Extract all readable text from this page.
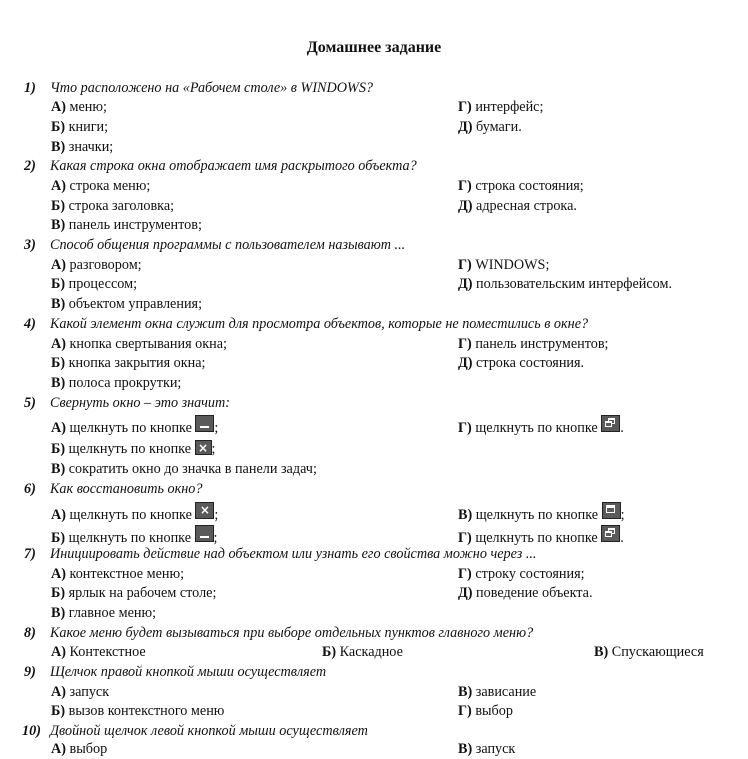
Домашнее задание
1) Что расположено на «Рабочем столе» в WINDOWS?
А) меню;	Г) интерфейс;
Б) книги;	Д) бумаги.
В) значки;
2) Какая строка окна отображает имя раскрытого объекта?
А) строка меню;	Г) строка состояния;
Б) строка заголовка;	Д) адресная строка.
В) панель инструментов;
3) Способ общения программы с пользователем называют ...
А) разговором;	Г) WINDOWS;
Б) процессом;	Д) пользовательским интерфейсом.
В) объектом управления;
4) Какой элемент окна служит для просмотра объектов, которые не поместились в окне?
А) кнопка свертывания окна;	Г) панель инструментов;
Б) кнопка закрытия окна;	Д) строка состояния.
В) полоса прокрутки;
5) Свернуть окно – это значит:
А) щелкнуть по кнопке ;	Г) щелкнуть по кнопке .
Б) щелкнуть по кнопке × ;
В) сократить окно до значка в панели задач;
6) Как восстановить окно?
А) щелкнуть по кнопке × ;	В) щелкнуть по кнопке ;
Б) щелкнуть по кнопке ;	Г) щелкнуть по кнопке .
7) Инициировать действие над объектом или узнать его свойства можно через ...
А) контекстное меню;	Г) строку состояния;
Б) ярлык на рабочем столе;	Д) поведение объекта.
В) главное меню;
8) Какое меню будет вызываться при выборе отдельных пунктов главного меню?
А) Контекстное	Б) Каскадное	В) Спускающиеся
9) Щелчок правой кнопкой мыши осуществляет
А) запуск	В) зависание
Б) вызов контекстного меню	Г) выбор
10) Двойной щелчок левой кнопкой мыши осуществляет
А) выбор	В) запуск
